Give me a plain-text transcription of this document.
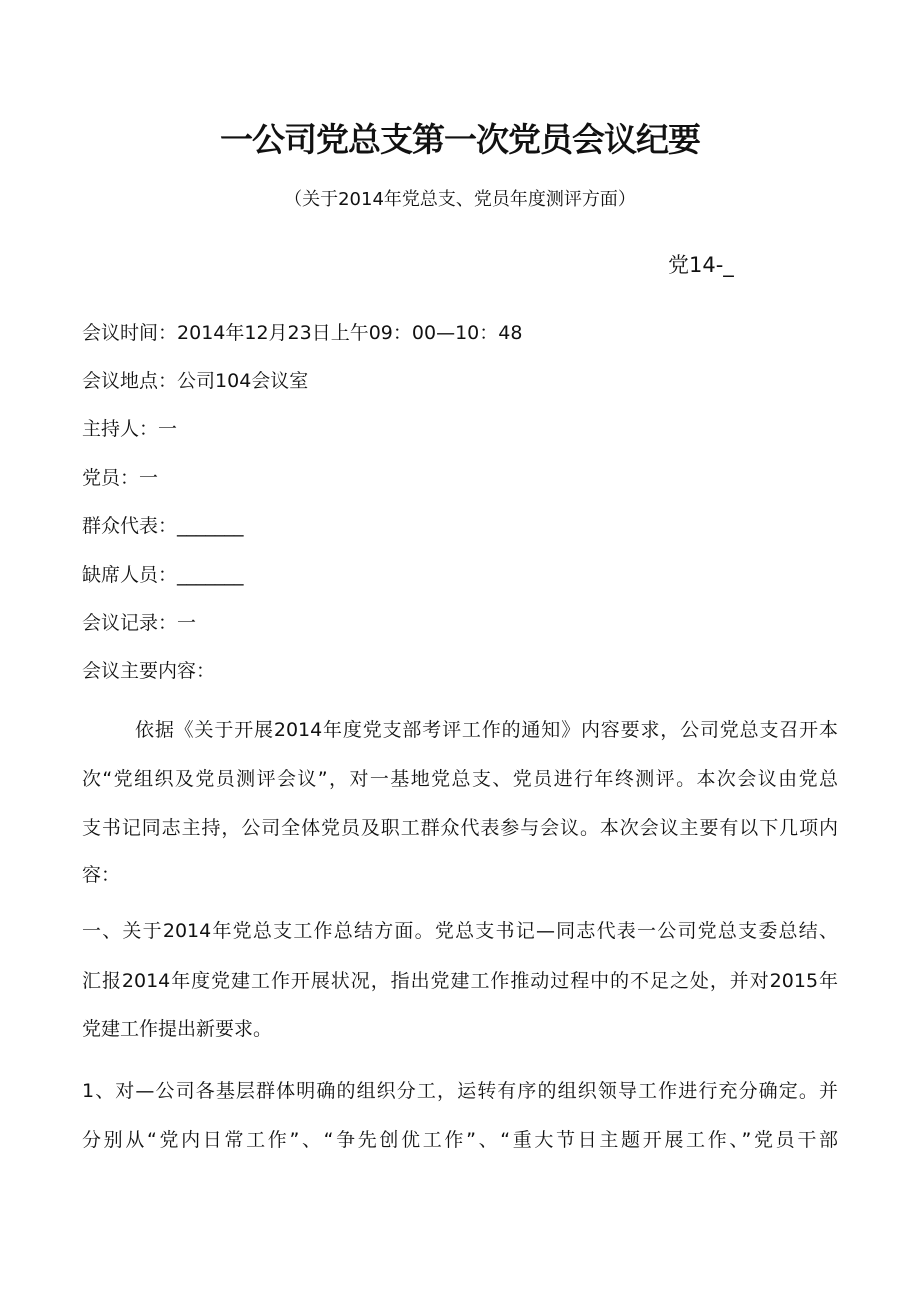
一公司党总支第一次党员会议纪要
（关于2014年党总支、党员年度测评方面）
党14-_
会议时间：2014年12月23日上午09：00—10：48
会议地点：公司104会议室
主持人：一
党员：一
群众代表：_______
缺席人员：_______
会议记录：一
会议主要内容：
依据《关于开展2014年度党支部考评工作的通知》内容要求，公司党总支召开本
次“党组织及党员测评会议”，对一基地党总支、党员进行年终测评。本次会议由党总
支书记同志主持，公司全体党员及职工群众代表参与会议。本次会议主要有以下几项内
容：
一、关于2014年党总支工作总结方面。党总支书记—同志代表一公司党总支委总结、
汇报2014年度党建工作开展状况，指出党建工作推动过程中的不足之处，并对2015年
党建工作提出新要求。
1、对—公司各基层群体明确的组织分工，运转有序的组织领导工作进行充分确定。并
分别从“党内日常工作”、“争先创优工作”、“重大节日主题开展工作、”党员干部
